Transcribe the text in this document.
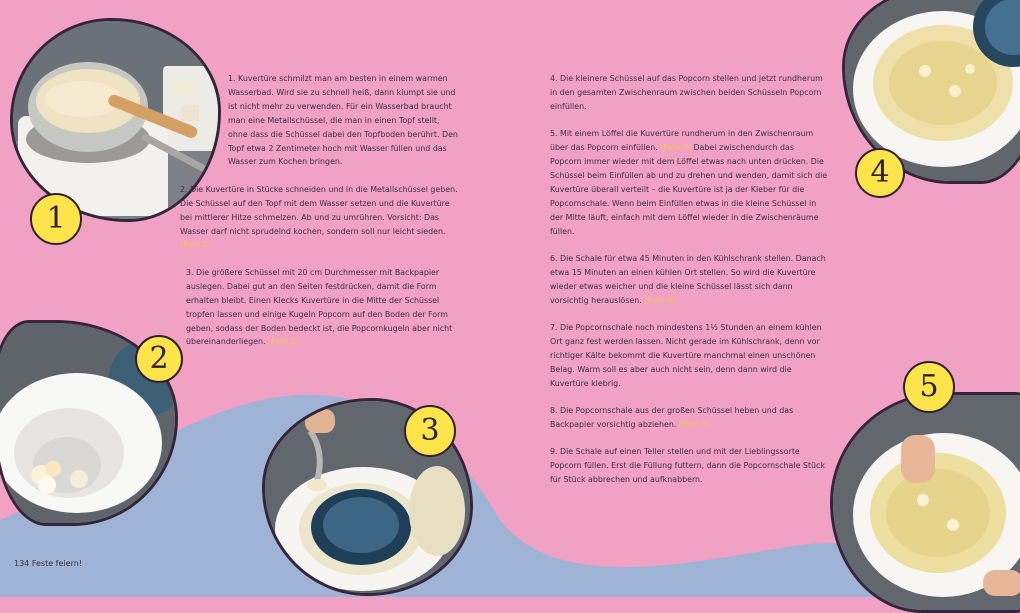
1
2
3
4
5

1. Kuvertüre schmilzt man am besten in einem warmen Wasserbad. Wird sie zu schnell heiß, dann klumpt sie und ist nicht mehr zu verwenden. Für ein Wasserbad braucht man eine Metallschüssel, die man in einen Topf stellt, ohne dass die Schüssel dabei den Topfboden berührt. Den Topf etwa 2 Zentimeter hoch mit Wasser füllen und das Wasser zum Kochen bringen.

2. Die Kuvertüre in Stücke schneiden und in die Metallschüssel geben. Die Schüssel auf den Topf mit dem Wasser setzen und die Kuvertüre bei mittlerer Hitze schmelzen. Ab und zu umrühren. Vorsicht: Das Wasser darf nicht sprudelnd kochen, sondern soll nur leicht sieden. (Foto 1)

3. Die größere Schüssel mit 20 cm Durchmesser mit Backpapier auslegen. Dabei gut an den Seiten festdrücken, damit die Form erhalten bleibt. Einen Klecks Kuvertüre in die Mitte der Schüssel tropfen lassen und einige Kugeln Popcorn auf den Boden der Form geben, sodass der Boden bedeckt ist, die Popcornkugeln aber nicht übereinanderliegen. (Foto 2)

4. Die kleinere Schüssel auf das Popcorn stellen und jetzt rundherum in den gesamten Zwischenraum zwischen beiden Schüsseln Popcorn einfüllen.

5. Mit einem Löffel die Kuvertüre rundherum in den Zwischenraum über das Popcorn einfüllen. (Foto 3) Dabei zwischendurch das Popcorn immer wieder mit dem Löffel etwas nach unten drücken. Die Schüssel beim Einfüllen ab und zu drehen und wenden, damit sich die Kuvertüre überall verteilt – die Kuvertüre ist ja der Kleber für die Popcornschale. Wenn beim Einfüllen etwas in die kleine Schüssel in der Mitte läuft, einfach mit dem Löffel wieder in die Zwischenräume füllen.

6. Die Schale für etwa 45 Minuten in den Kühlschrank stellen. Danach etwa 15 Minuten an einen kühlen Ort stellen. So wird die Kuvertüre wieder etwas weicher und die kleine Schüssel lässt sich dann vorsichtig herauslösen. (Foto 4)

7. Die Popcornschale noch mindestens 1½ Stunden an einem kühlen Ort ganz fest werden lassen. Nicht gerade im Kühlschrank, denn vor richtiger Kälte bekommt die Kuvertüre manchmal einen unschönen Belag. Warm soll es aber auch nicht sein, denn dann wird die Kuvertüre klebrig.

8. Die Popcornschale aus der großen Schüssel heben und das Backpapier vorsichtig abziehen. (Foto 5)

9. Die Schale auf einen Teller stellen und mit der Lieblingssorte Popcorn füllen. Erst die Füllung futtern, dann die Popcornschale Stück für Stück abbrechen und aufknabbern.

134 Feste feiern!
